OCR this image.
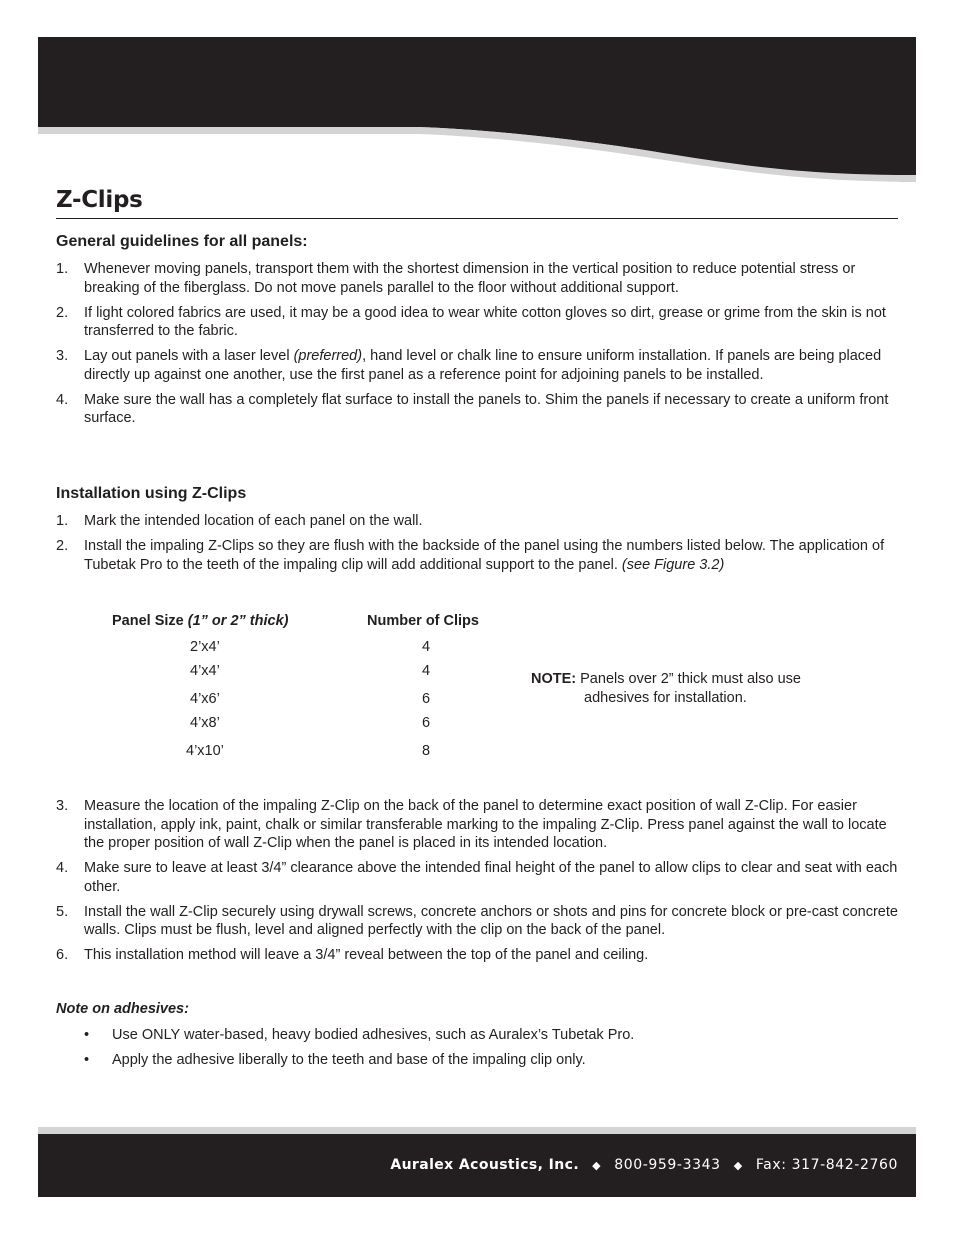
Z-Clips
General guidelines for all panels:
1. Whenever moving panels, transport them with the shortest dimension in the vertical position to reduce potential stress or breaking of the fiberglass. Do not move panels parallel to the floor without additional support.
2. If light colored fabrics are used, it may be a good idea to wear white cotton gloves so dirt, grease or grime from the skin is not transferred to the fabric.
3. Lay out panels with a laser level (preferred), hand level or chalk line to ensure uniform installation. If panels are being placed directly up against one another, use the first panel as a reference point for adjoining panels to be installed.
4. Make sure the wall has a completely flat surface to install the panels to. Shim the panels if necessary to create a uniform front surface.
Installation using Z-Clips
1. Mark the intended location of each panel on the wall.
2. Install the impaling Z-Clips so they are flush with the backside of the panel using the numbers listed below. The application of Tubetak Pro to the teeth of the impaling clip will add additional support to the panel. (see Figure 3.2)
Panel Size (1” or 2” thick)	Number of Clips
2’x4’	4
4’x4’	4
4’x6’	6
4’x8’	6
4’x10’	8
NOTE: Panels over 2” thick must also use
adhesives for installation.
3. Measure the location of the impaling Z-Clip on the back of the panel to determine exact position of wall Z-Clip. For easier installation, apply ink, paint, chalk or similar transferable marking to the impaling Z-Clip. Press panel against the wall to locate the proper position of wall Z-Clip when the panel is placed in its intended location.
4. Make sure to leave at least 3/4” clearance above the intended final height of the panel to allow clips to clear and seat with each other.
5. Install the wall Z-Clip securely using drywall screws, concrete anchors or shots and pins for concrete block or pre-cast concrete walls. Clips must be flush, level and aligned perfectly with the clip on the back of the panel.
6. This installation method will leave a 3/4” reveal between the top of the panel and ceiling.

Note on adhesives:

• Use ONLY water-based, heavy bodied adhesives, such as Auralex’s Tubetak Pro.
• Apply the adhesive liberally to the teeth and base of the impaling clip only.
Auralex Acoustics, Inc. ◆ 800-959-3343 ◆ Fax: 317-842-2760
